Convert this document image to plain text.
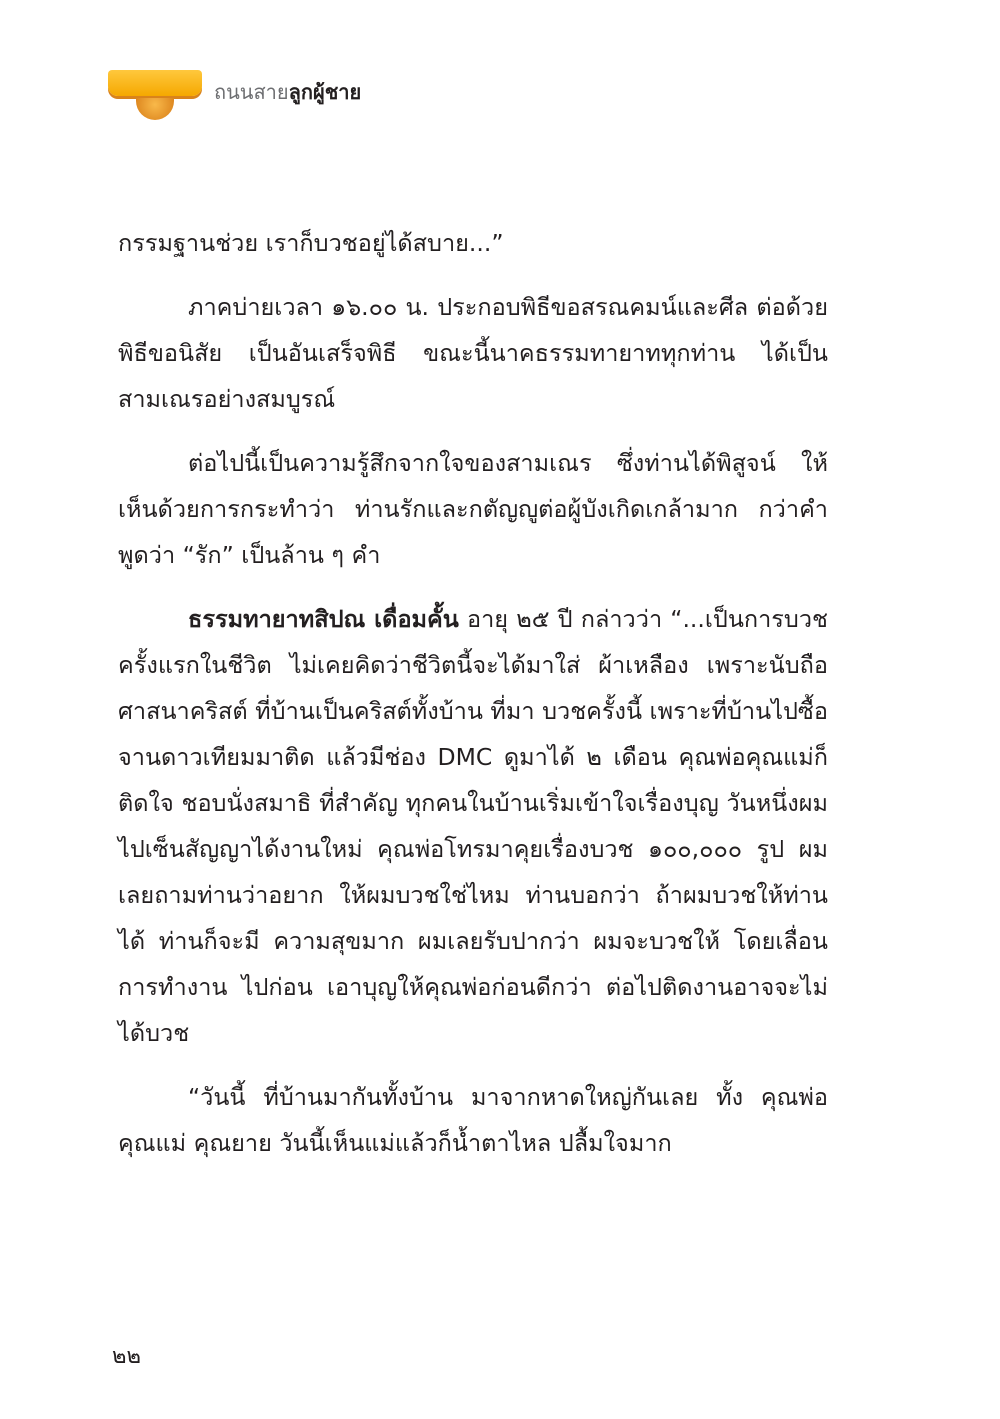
ถนนสายลูกผู้ชาย

กรรมฐานช่วย เราก็บวชอยู่ได้สบาย...”

ภาคบ่ายเวลา ๑๖.๐๐ น. ประกอบพิธีขอสรณคมน์และศีล ต่อด้วยพิธีขอนิสัย เป็นอันเสร็จพิธี ขณะนี้นาคธรรมทายาททุกท่าน ได้เป็นสามเณรอย่างสมบูรณ์

ต่อไปนี้เป็นความรู้สึกจากใจของสามเณร ซึ่งท่านได้พิสูจน์ ให้เห็นด้วยการกระทำว่า ท่านรักและกตัญญูต่อผู้บังเกิดเกล้ามาก กว่าคำพูดว่า “รัก” เป็นล้าน ๆ คำ

ธรรมทายาทสิปณ เดื่อมคั้น อายุ ๒๕ ปี กล่าวว่า “...เป็นการบวชครั้งแรกในชีวิต ไม่เคยคิดว่าชีวิตนี้จะได้มาใส่ ผ้าเหลือง เพราะนับถือศาสนาคริสต์ ที่บ้านเป็นคริสต์ทั้งบ้าน ที่มา บวชครั้งนี้ เพราะที่บ้านไปซื้อจานดาวเทียมมาติด แล้วมีช่อง DMC ดูมาได้ ๒ เดือน คุณพ่อคุณแม่ก็ติดใจ ชอบนั่งสมาธิ ที่สำคัญ ทุกคนในบ้านเริ่มเข้าใจเรื่องบุญ วันหนึ่งผมไปเซ็นสัญญาได้งานใหม่ คุณพ่อโทรมาคุยเรื่องบวช ๑๐๐,๐๐๐ รูป ผมเลยถามท่านว่าอยาก ให้ผมบวชใช่ไหม ท่านบอกว่า ถ้าผมบวชให้ท่านได้ ท่านก็จะมี ความสุขมาก ผมเลยรับปากว่า ผมจะบวชให้ โดยเลื่อนการทำงาน ไปก่อน เอาบุญให้คุณพ่อก่อนดีกว่า ต่อไปติดงานอาจจะไม่ได้บวช

“วันนี้ ที่บ้านมากันทั้งบ้าน มาจากหาดใหญ่กันเลย ทั้ง คุณพ่อ คุณแม่ คุณยาย วันนี้เห็นแม่แล้วก็น้ำตาไหล ปลื้มใจมาก

๒๒
